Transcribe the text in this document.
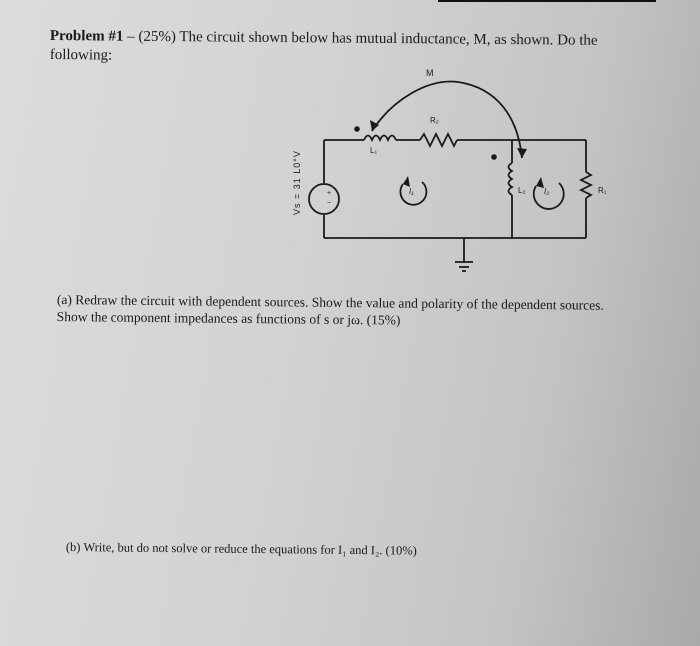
Problem #1 – (25%) The circuit shown below has mutual inductance, M, as shown. Do the following:
M
R₂
L₁
L₂	R₁
I₁	I₂
+
−
Vs = 31 L0°V
(a) Redraw the circuit with dependent sources. Show the value and polarity of the dependent sources. Show the component impedances as functions of s or jω. (15%)
(b) Write, but do not solve or reduce the equations for I₁ and I₂. (10%)
